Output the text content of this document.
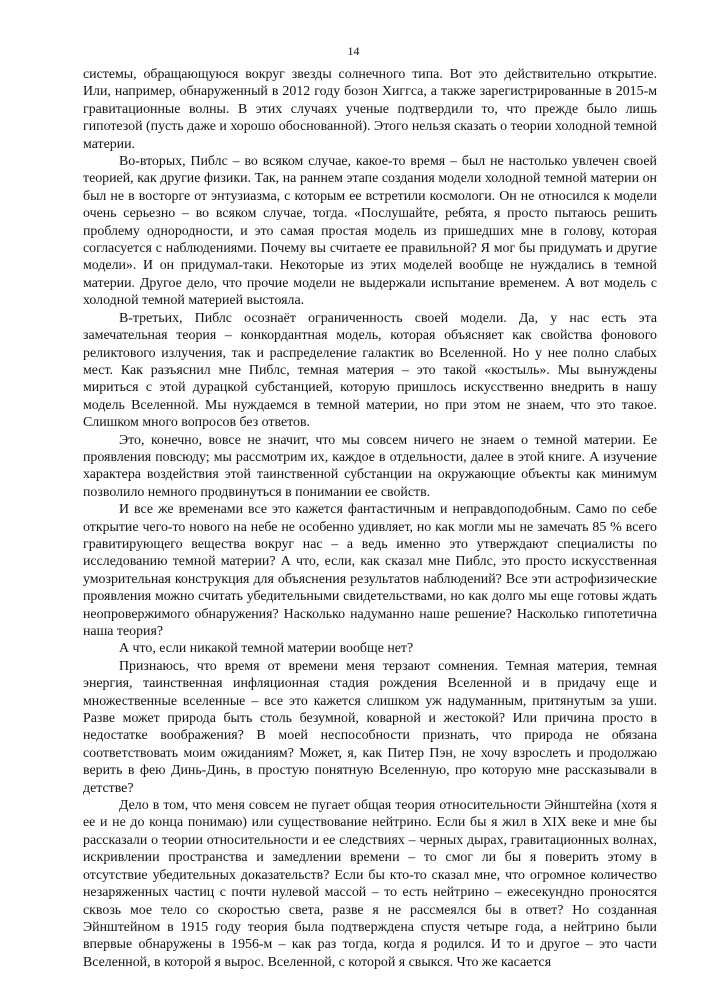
14

системы, обращающуюся вокруг звезды солнечного типа. Вот это действительно открытие. Или, например, обнаруженный в 2012 году бозон Хиггса, а также зарегистрированные в 2015-м гравитационные волны. В этих случаях ученые подтвердили то, что прежде было лишь гипотезой (пусть даже и хорошо обоснованной). Этого нельзя сказать о теории холодной темной материи.

Во-вторых, Пиблс – во всяком случае, какое-то время – был не настолько увлечен своей теорией, как другие физики. Так, на раннем этапе создания модели холодной темной материи он был не в восторге от энтузиазма, с которым ее встретили космологи. Он не относился к модели очень серьезно – во всяком случае, тогда. «Послушайте, ребята, я просто пытаюсь решить проблему однородности, и это самая простая модель из пришедших мне в голову, которая согласуется с наблюдениями. Почему вы считаете ее правильной? Я мог бы придумать и другие модели». И он придумал-таки. Некоторые из этих моделей вообще не нуждались в темной материи. Другое дело, что прочие модели не выдержали испытание временем. А вот модель с холодной темной материей выстояла.

В-третьих, Пиблс осознаёт ограниченность своей модели. Да, у нас есть эта замечательная теория – конкордантная модель, которая объясняет как свойства фонового реликтового излучения, так и распределение галактик во Вселенной. Но у нее полно слабых мест. Как разъяснил мне Пиблс, темная материя – это такой «костыль». Мы вынуждены мириться с этой дурацкой субстанцией, которую пришлось искусственно внедрить в нашу модель Вселенной. Мы нуждаемся в темной материи, но при этом не знаем, что это такое. Слишком много вопросов без ответов.

Это, конечно, вовсе не значит, что мы совсем ничего не знаем о темной материи. Ее проявления повсюду; мы рассмотрим их, каждое в отдельности, далее в этой книге. А изучение характера воздействия этой таинственной субстанции на окружающие объекты как минимум позволило немного продвинуться в понимании ее свойств.

И все же временами все это кажется фантастичным и неправдоподобным. Само по себе открытие чего-то нового на небе не особенно удивляет, но как могли мы не замечать 85 % всего гравитирующего вещества вокруг нас – а ведь именно это утверждают специалисты по исследованию темной материи? А что, если, как сказал мне Пиблс, это просто искусственная умозрительная конструкция для объяснения результатов наблюдений? Все эти астрофизические проявления можно считать убедительными свидетельствами, но как долго мы еще готовы ждать неопровержимого обнаружения? Насколько надуманно наше решение? Насколько гипотетична наша теория?

А что, если никакой темной материи вообще нет?

Признаюсь, что время от времени меня терзают сомнения. Темная материя, темная энергия, таинственная инфляционная стадия рождения Вселенной и в придачу еще и множественные вселенные – все это кажется слишком уж надуманным, притянутым за уши. Разве может природа быть столь безумной, коварной и жестокой? Или причина просто в недостатке воображения? В моей неспособности признать, что природа не обязана соответствовать моим ожиданиям? Может, я, как Питер Пэн, не хочу взрослеть и продолжаю верить в фею Динь-Динь, в простую понятную Вселенную, про которую мне рассказывали в детстве?

Дело в том, что меня совсем не пугает общая теория относительности Эйнштейна (хотя я ее и не до конца понимаю) или существование нейтрино. Если бы я жил в XIX веке и мне бы рассказали о теории относительности и ее следствиях – черных дырах, гравитационных волнах, искривлении пространства и замедлении времени – то смог ли бы я поверить этому в отсутствие убедительных доказательств? Если бы кто-то сказал мне, что огромное количество незаряженных частиц с почти нулевой массой – то есть нейтрино – ежесекундно проносятся сквозь мое тело со скоростью света, разве я не рассмеялся бы в ответ? Но созданная Эйнштейном в 1915 году теория была подтверждена спустя четыре года, а нейтрино были впервые обнаружены в 1956-м – как раз тогда, когда я родился. И то и другое – это части Вселенной, в которой я вырос. Вселенной, с которой я свыкся. Что же касается
